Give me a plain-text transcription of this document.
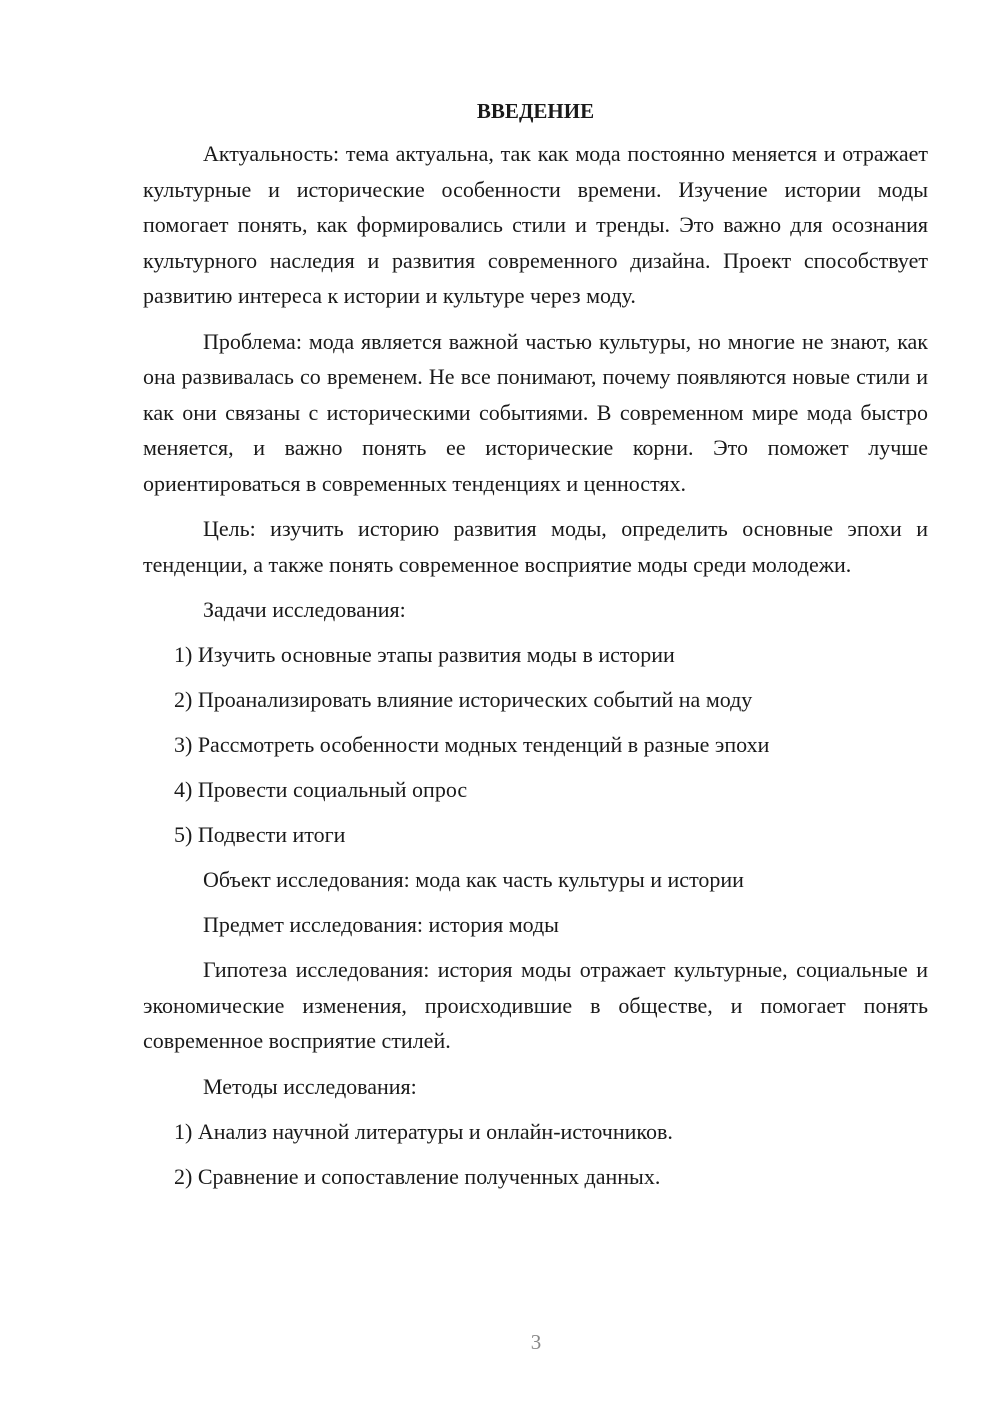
ВВЕДЕНИЕ

Актуальность: тема актуальна, так как мода постоянно меняется и отражает культурные и исторические особенности времени. Изучение истории моды помогает понять, как формировались стили и тренды. Это важно для осознания культурного наследия и развития современного дизайна. Проект способствует развитию интереса к истории и культуре через моду.

Проблема: мода является важной частью культуры, но многие не знают, как она развивалась со временем. Не все понимают, почему появляются новые стили и как они связаны с историческими событиями. В современном мире мода быстро меняется, и важно понять ее исторические корни. Это поможет лучше ориентироваться в современных тенденциях и ценностях.

Цель: изучить историю развития моды, определить основные эпохи и тенденции, а также понять современное восприятие моды среди молодежи.

Задачи исследования:
1) Изучить основные этапы развития моды в истории
2) Проанализировать влияние исторических событий на моду
3) Рассмотреть особенности модных тенденций в разные эпохи
4) Провести социальный опрос
5) Подвести итоги
Объект исследования: мода как часть культуры и истории
Предмет исследования: история моды

Гипотеза исследования: история моды отражает культурные, социальные и экономические изменения, происходившие в обществе, и помогает понять современное восприятие стилей.

Методы исследования:
1) Анализ научной литературы и онлайн-источников.
2) Сравнение и сопоставление полученных данных.
3
